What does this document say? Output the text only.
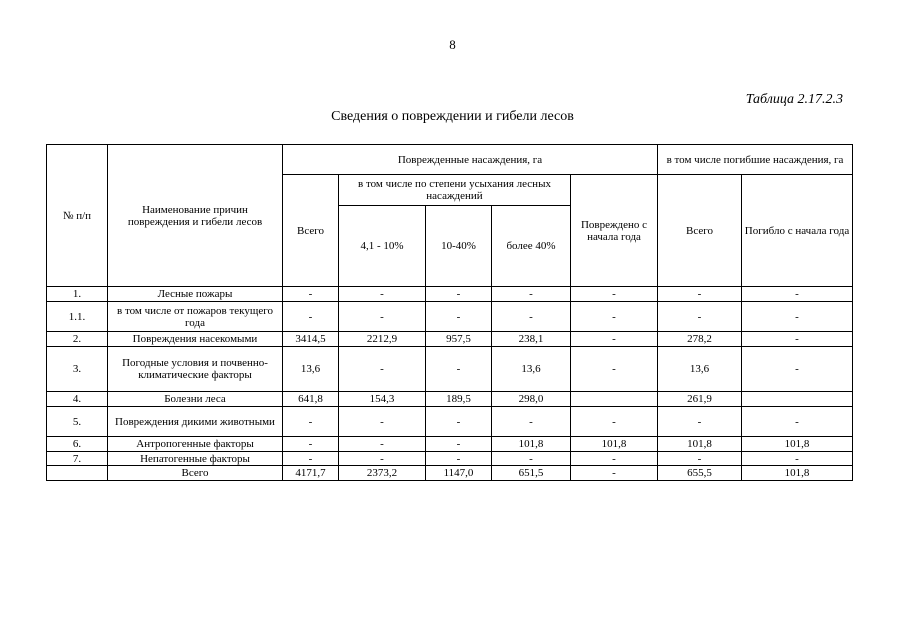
8
Таблица 2.17.2.3
Сведения о повреждении и гибели лесов
№ п/п	Наименование причин повреждения и гибели лесов	Поврежденные насаждения, га					в том числе погибшие насаждения, га	
		Всего	в том числе по степени усыхания лесных насаждений			Повреждено с начала года	Всего	Погибло с начала года
			4,1 - 10%	10-40%	более 40%			
1.	Лесные пожары	-	-	-	-	-	-	-
1.1.	в том числе от пожаров текущего года	-	-	-	-	-	-	-
2.	Повреждения насекомыми	3414,5	2212,9	957,5	238,1	-	278,2	-
3.	Погодные условия и почвенно-климатические факторы	13,6	-	-	13,6	-	13,6	-
4.	Болезни леса	641,8	154,3	189,5	298,0		261,9	
5.	Повреждения дикими животными	-	-	-	-	-	-	-
6.	Антропогенные факторы	-	-	-	101,8	101,8	101,8	101,8
7.	Непатогенные факторы	-	-	-	-	-	-	-
	Всего	4171,7	2373,2	1147,0	651,5	-	655,5	101,8
